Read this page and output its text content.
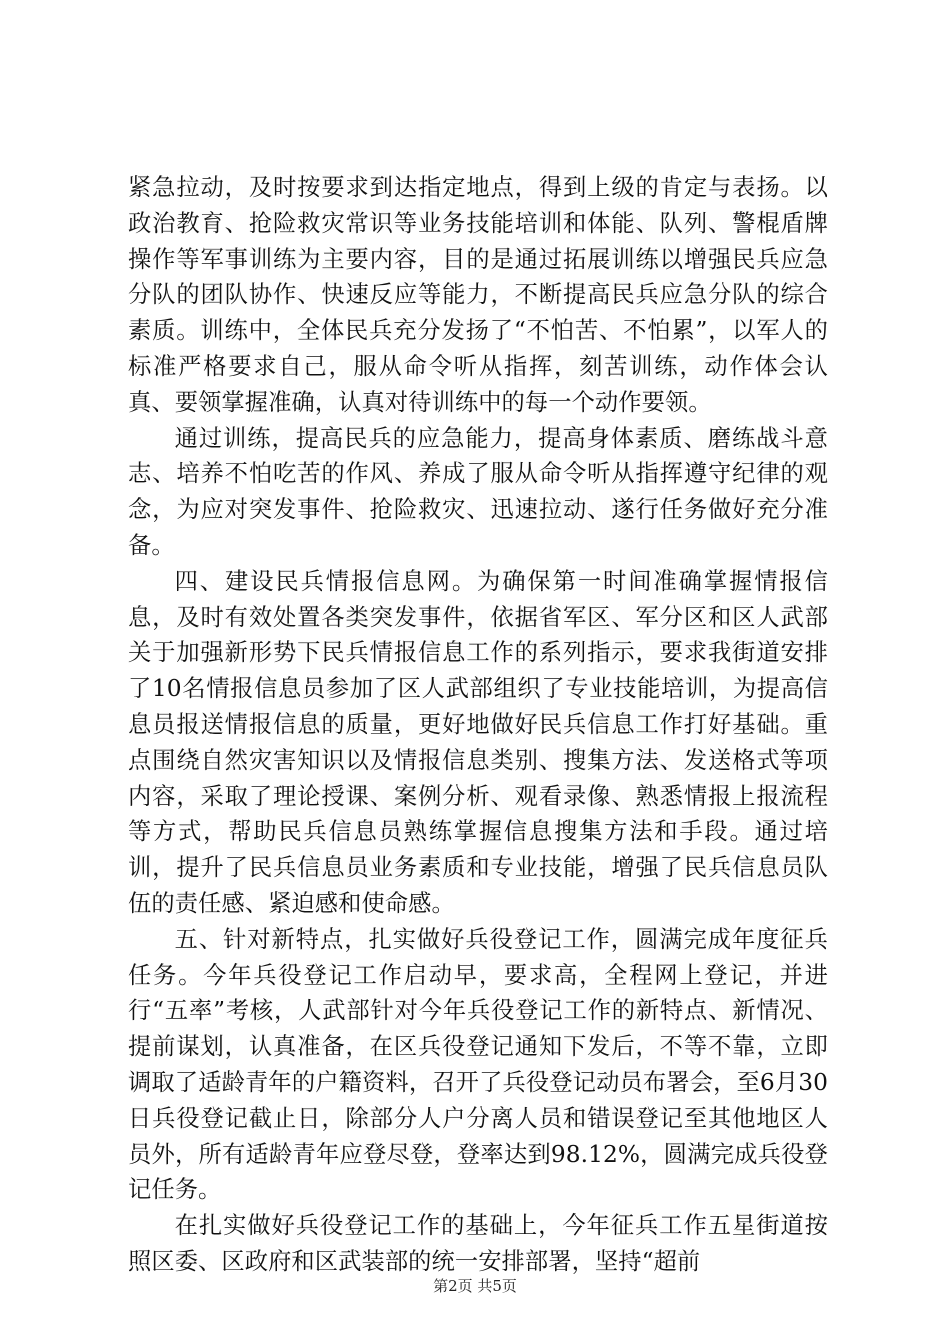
紧急拉动，及时按要求到达指定地点，得到上级的肯定与表扬。以政治教育、抢险救灾常识等业务技能培训和体能、队列、警棍盾牌操作等军事训练为主要内容，目的是通过拓展训练以增强民兵应急分队的团队协作、快速反应等能力，不断提高民兵应急分队的综合素质。训练中，全体民兵充分发扬了“不怕苦、不怕累”，以军人的标准严格要求自己，服从命令听从指挥，刻苦训练，动作体会认真、要领掌握准确，认真对待训练中的每一个动作要领。

通过训练，提高民兵的应急能力，提高身体素质、磨练战斗意志、培养不怕吃苦的作风、养成了服从命令听从指挥遵守纪律的观念，为应对突发事件、抢险救灾、迅速拉动、遂行任务做好充分准备。

四、建设民兵情报信息网。为确保第一时间准确掌握情报信息，及时有效处置各类突发事件，依据省军区、军分区和区人武部关于加强新形势下民兵情报信息工作的系列指示，要求我街道安排了10名情报信息员参加了区人武部组织了专业技能培训，为提高信息员报送情报信息的质量，更好地做好民兵信息工作打好基础。重点围绕自然灾害知识以及情报信息类别、搜集方法、发送格式等项内容，采取了理论授课、案例分析、观看录像、熟悉情报上报流程等方式，帮助民兵信息员熟练掌握信息搜集方法和手段。通过培训，提升了民兵信息员业务素质和专业技能，增强了民兵信息员队伍的责任感、紧迫感和使命感。

五、针对新特点，扎实做好兵役登记工作，圆满完成年度征兵任务。今年兵役登记工作启动早，要求高，全程网上登记，并进行“五率”考核，人武部针对今年兵役登记工作的新特点、新情况、提前谋划，认真准备，在区兵役登记通知下发后，不等不靠，立即调取了适龄青年的户籍资料，召开了兵役登记动员布署会，至6月30日兵役登记截止日，除部分人户分离人员和错误登记至其他地区人员外，所有适龄青年应登尽登，登率达到98.12%，圆满完成兵役登记任务。

在扎实做好兵役登记工作的基础上，今年征兵工作五星街道按照区委、区政府和区武装部的统一安排部署，坚持“超前

第2页 共5页
